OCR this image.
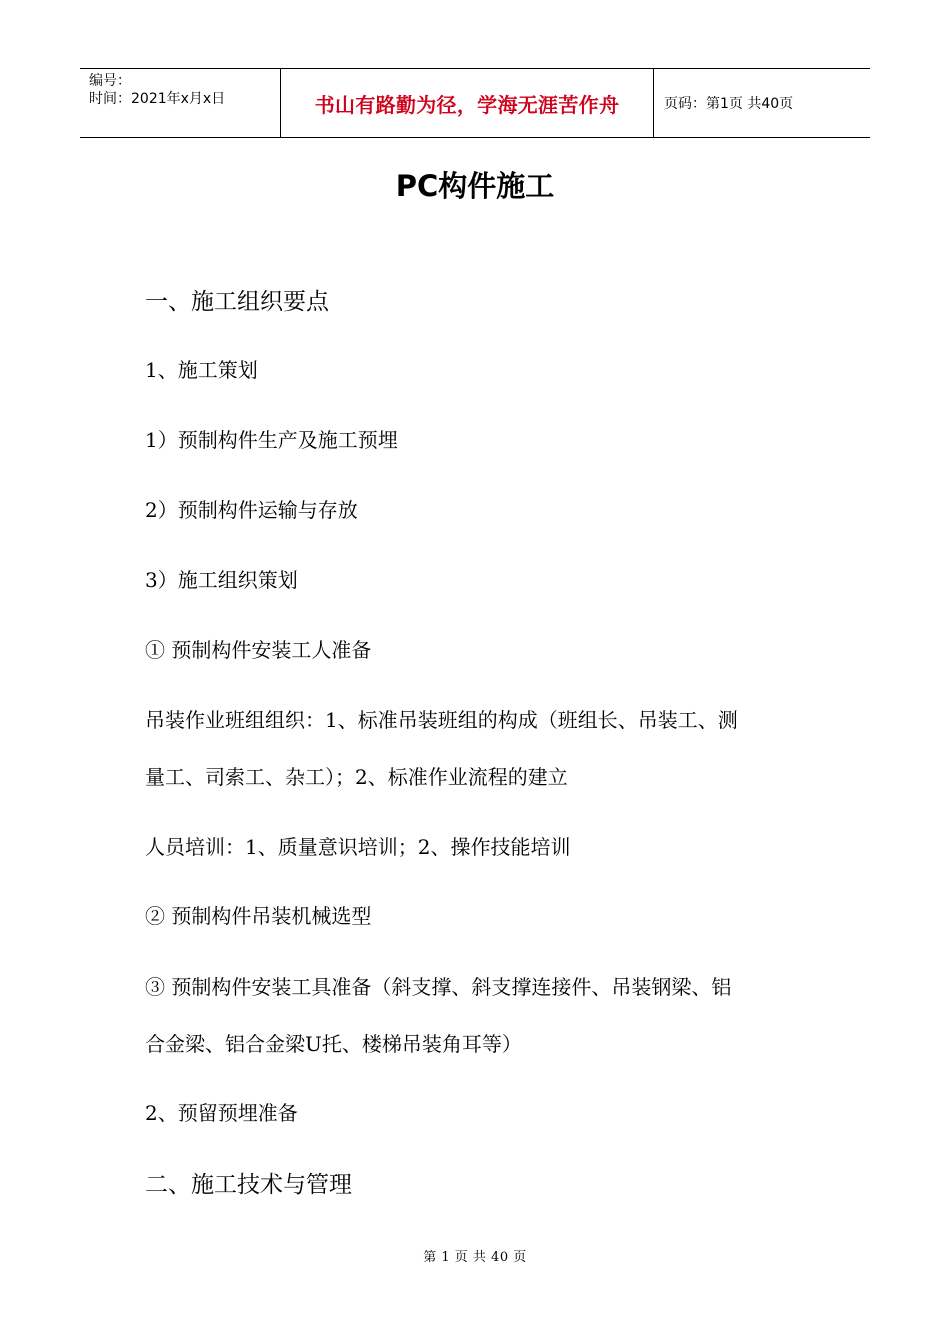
编号：
时间：2021年x月x日	书山有路勤为径，学海无涯苦作舟	页码：第1页 共40页
PC构件施工
一、施工组织要点
1、施工策划
1）预制构件生产及施工预埋
2）预制构件运输与存放
3）施工组织策划
① 预制构件安装工人准备
吊装作业班组组织：1、标准吊装班组的构成（班组长、吊装工、测
量工、司索工、杂工）；2、标准作业流程的建立
人员培训：1、质量意识培训；2、操作技能培训
② 预制构件吊装机械选型
③ 预制构件安装工具准备（斜支撑、斜支撑连接件、吊装钢梁、铝
合金梁、铝合金梁U托、楼梯吊装角耳等）
2、预留预埋准备
二、施工技术与管理
第 1 页 共 40 页
